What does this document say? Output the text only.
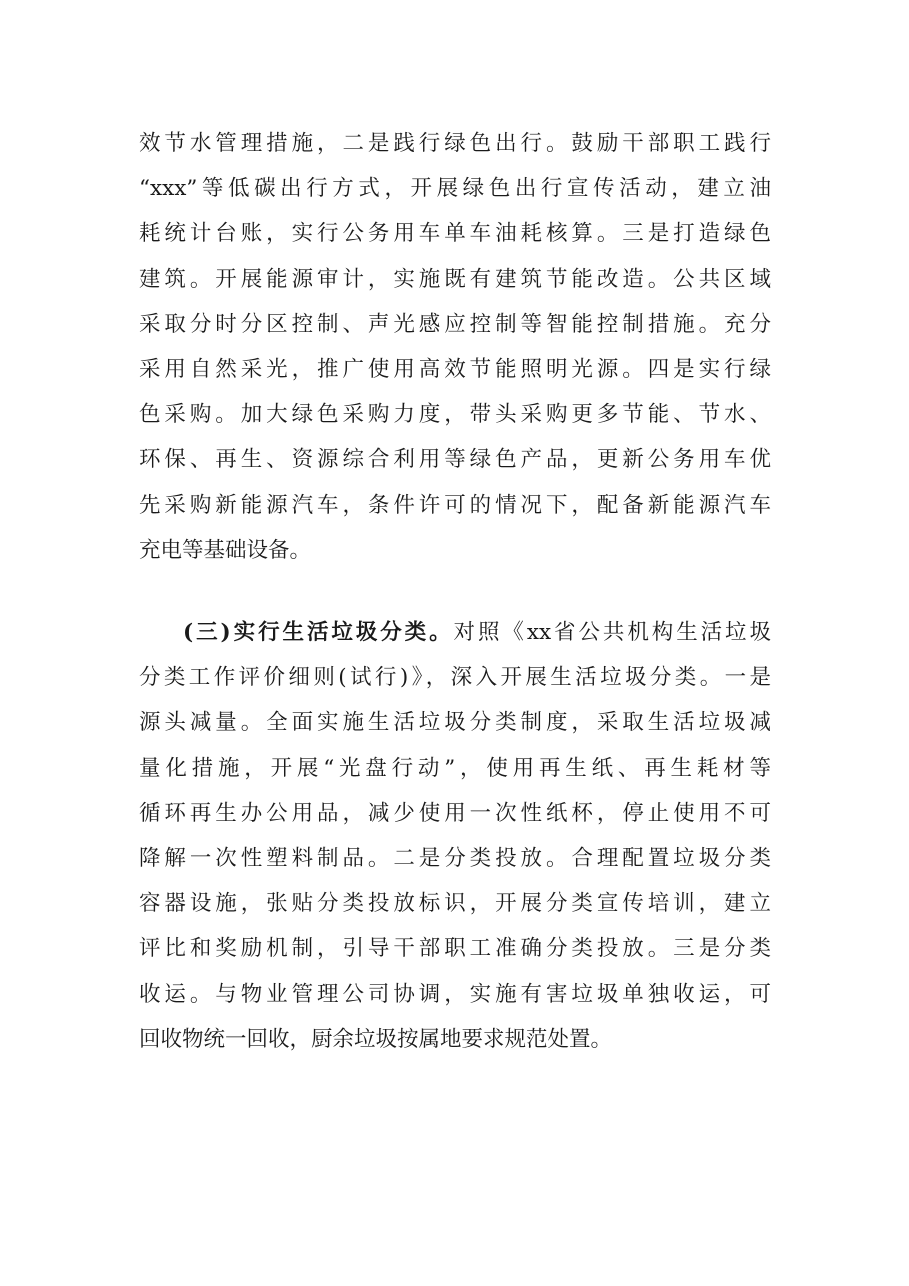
效节水管理措施，二是践行绿色出行。鼓励干部职工践行
“xxx”等低碳出行方式，开展绿色出行宣传活动，建立油
耗统计台账，实行公务用车单车油耗核算。三是打造绿色
建筑。开展能源审计，实施既有建筑节能改造。公共区域
采取分时分区控制、声光感应控制等智能控制措施。充分
采用自然采光，推广使用高效节能照明光源。四是实行绿
色采购。加大绿色采购力度，带头采购更多节能、节水、
环保、再生、资源综合利用等绿色产品，更新公务用车优
先采购新能源汽车，条件许可的情况下，配备新能源汽车
充电等基础设备。
(三)实行生活垃圾分类。对照《xx省公共机构生活垃圾
分类工作评价细则(试行)》，深入开展生活垃圾分类。一是
源头减量。全面实施生活垃圾分类制度，采取生活垃圾减
量化措施，开展“光盘行动”，使用再生纸、再生耗材等
循环再生办公用品，减少使用一次性纸杯，停止使用不可
降解一次性塑料制品。二是分类投放。合理配置垃圾分类
容器设施，张贴分类投放标识，开展分类宣传培训，建立
评比和奖励机制，引导干部职工准确分类投放。三是分类
收运。与物业管理公司协调，实施有害垃圾单独收运，可
回收物统一回收，厨余垃圾按属地要求规范处置。
